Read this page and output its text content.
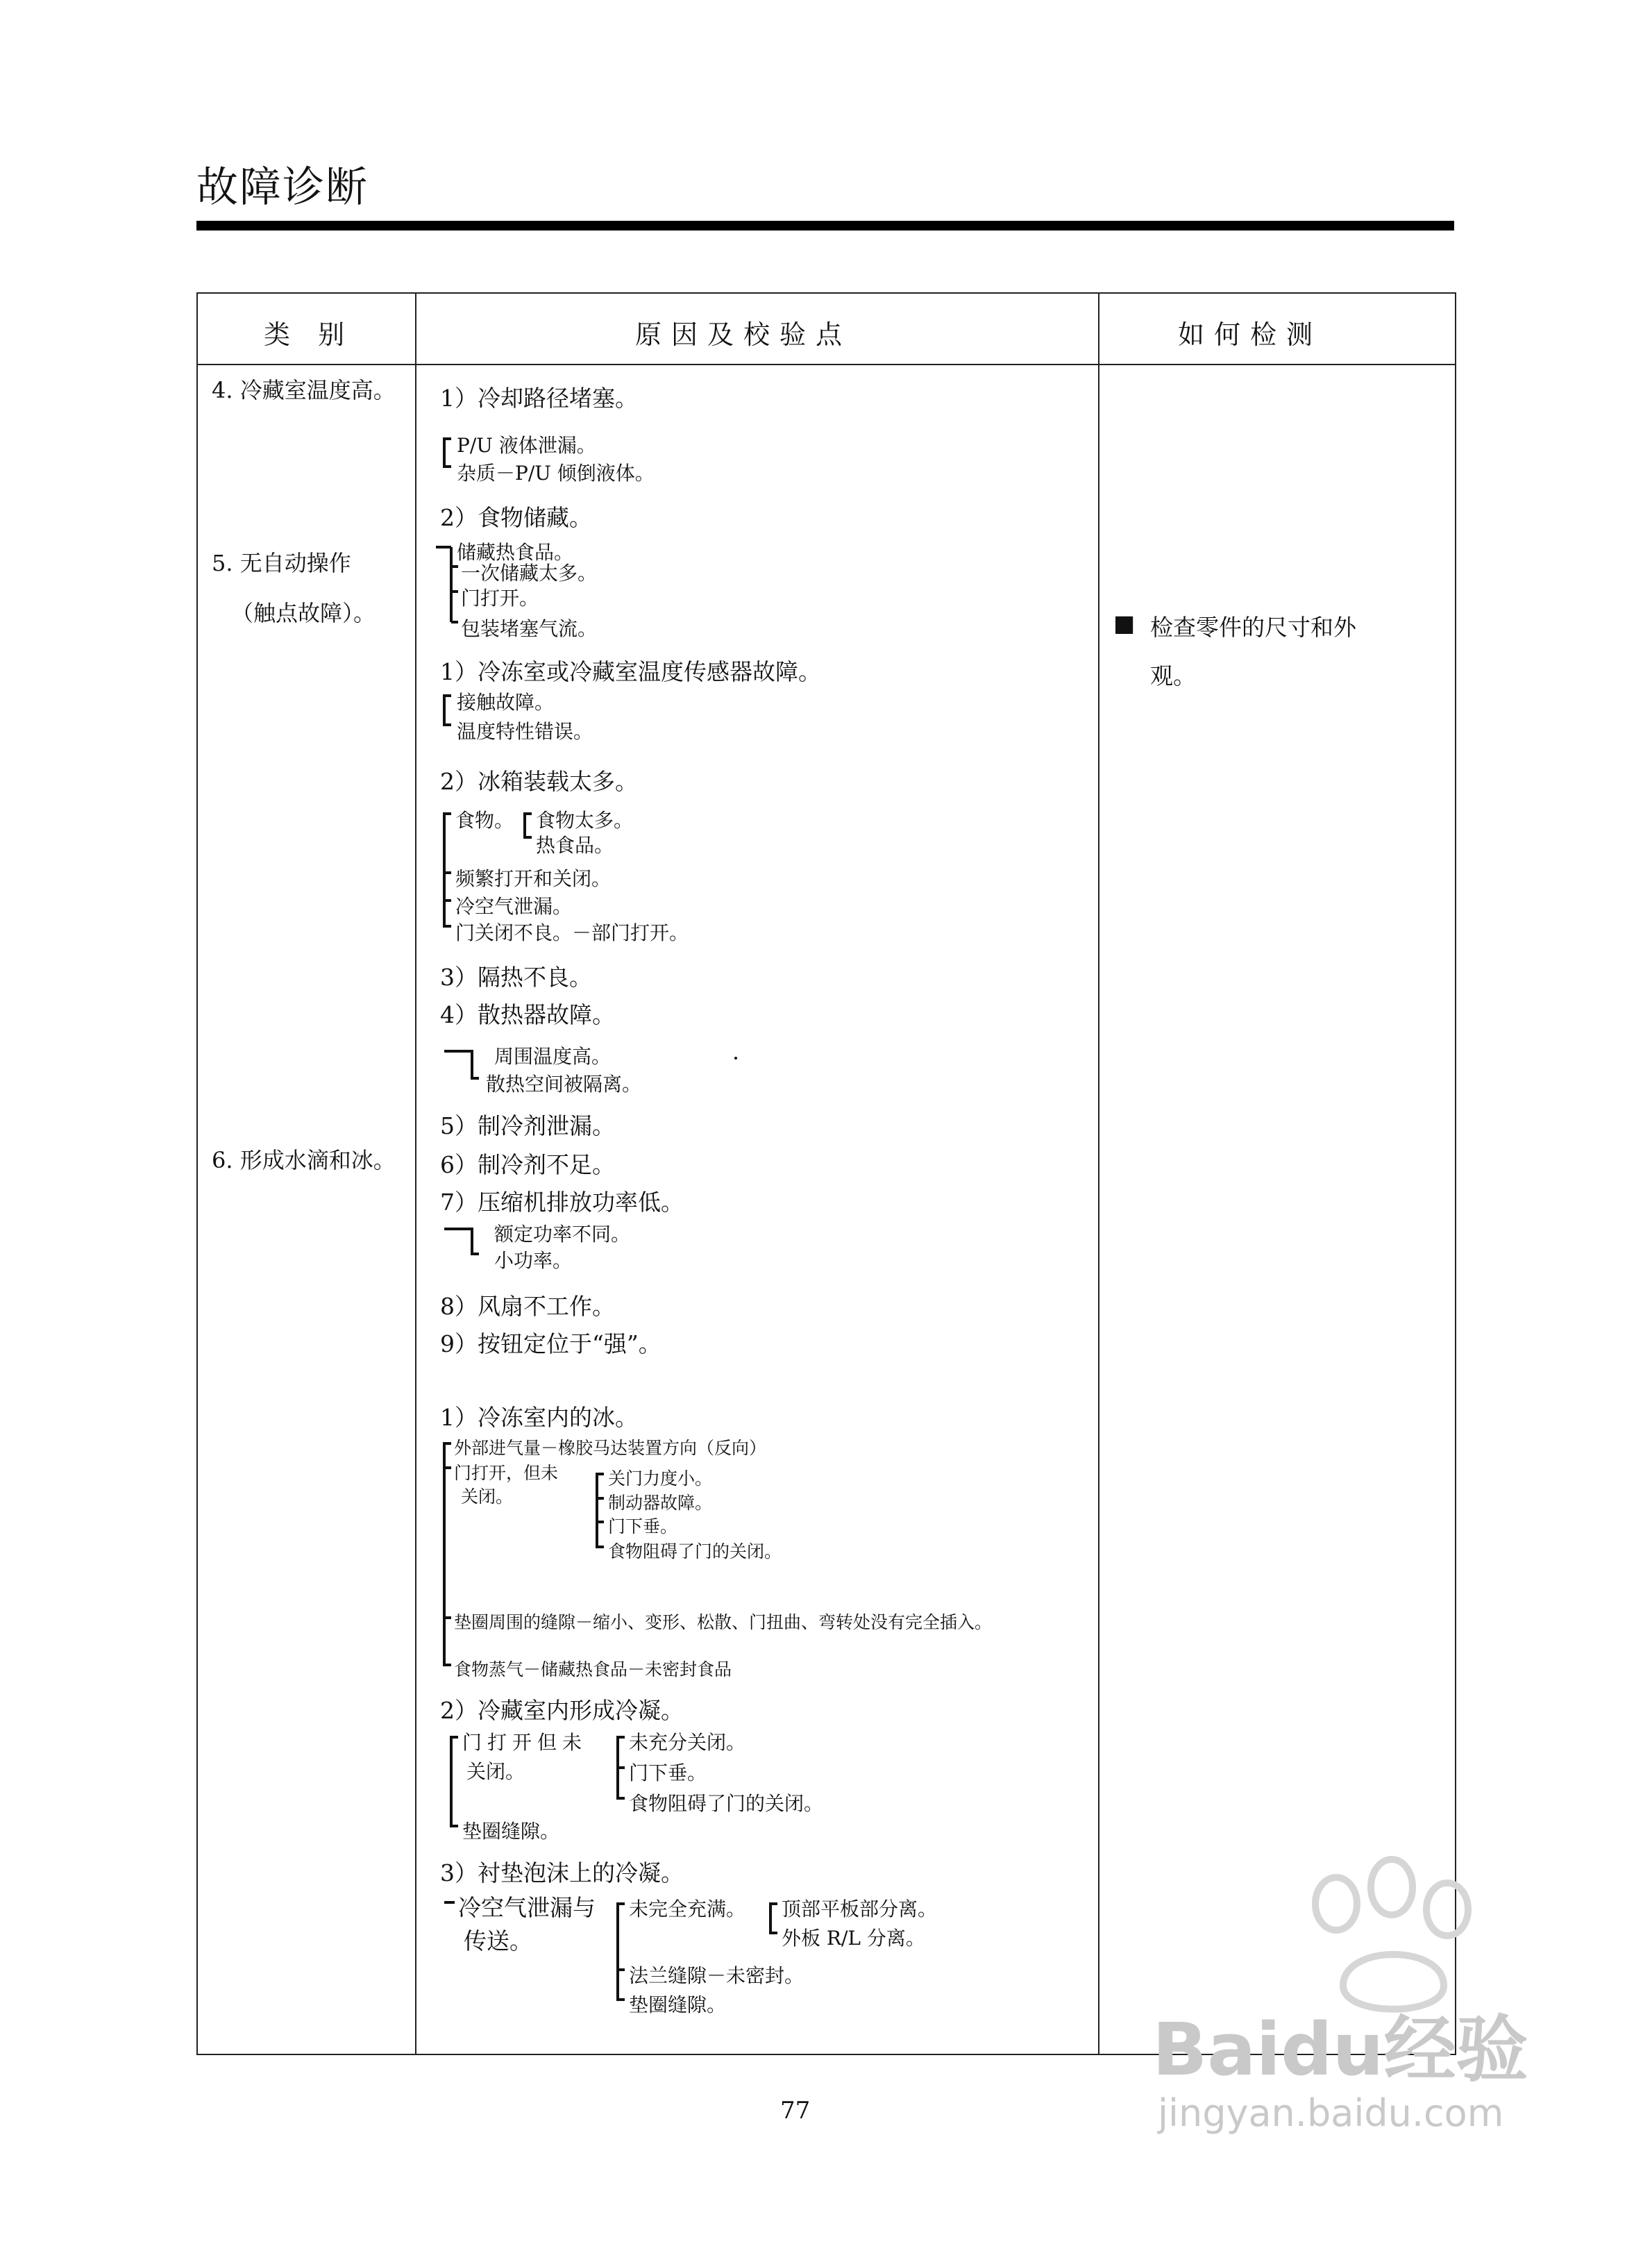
故障诊断
类 别	原因及校验点	如何检测
4. 冷藏室温度高。
5. 无自动操作
（触点故障）。
6. 形成水滴和冰。
■ 检查零件的尺寸和外
观。
1）冷却路径堵塞。
P/U 液体泄漏。
杂质－P/U 倾倒液体。
2）食物储藏。
储藏热食品。
一次储藏太多。
门打开。
包装堵塞气流。
1）冷冻室或冷藏室温度传感器故障。
接触故障。
温度特性错误。
2）冰箱装载太多。
食物。 食物太多。
热食品。
频繁打开和关闭。
冷空气泄漏。
门关闭不良。－部门打开。
3）隔热不良。
4）散热器故障。
周围温度高。
散热空间被隔离。
5）制冷剂泄漏。
6）制冷剂不足。
7）压缩机排放功率低。
额定功率不同。
小功率。
8）风扇不工作。
9）按钮定位于“强”。
1）冷冻室内的冰。
外部进气量－橡胶马达装置方向（反向）
门打开，但未
关闭。
关门力度小。
制动器故障。
门下垂。
食物阻碍了门的关闭。
垫圈周围的缝隙－缩小、变形、松散、门扭曲、弯转处没有完全插入。
食物蒸气－储藏热食品－未密封食品
2）冷藏室内形成冷凝。
门打开但未
关闭。
未充分关闭。
门下垂。
食物阻碍了门的关闭。
垫圈缝隙。
3）衬垫泡沫上的冷凝。
冷空气泄漏与
传送。
未完全充满。 顶部平板部分离。
外板 R/L 分离。
法兰缝隙－未密封。
垫圈缝隙。
77
Baidu经验
jingyan.baidu.com
